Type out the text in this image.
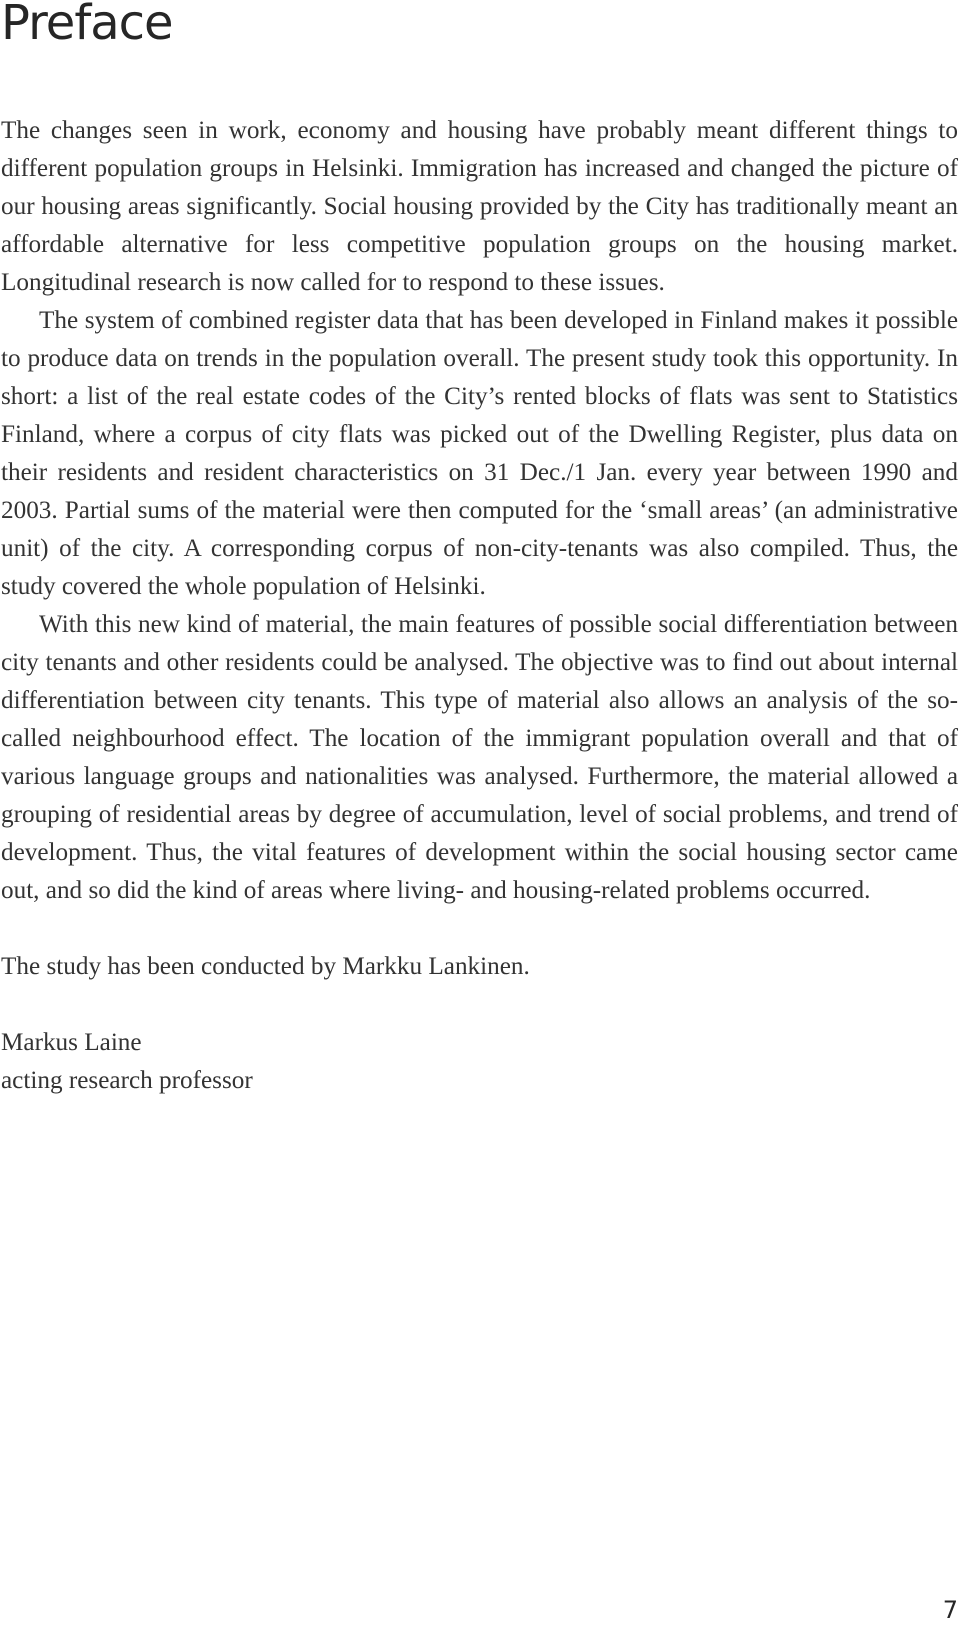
Preface

The changes seen in work, economy and housing have probably meant different things to different population groups in Helsinki. Immigration has increased and changed the picture of our housing areas significantly. Social housing provided by the City has traditionally meant an affordable alternative for less competitive population groups on the housing market. Longitudinal research is now called for to respond to these issues.

The system of combined register data that has been developed in Finland makes it possible to produce data on trends in the population overall. The present study took this opportunity. In short: a list of the real estate codes of the City’s rented blocks of flats was sent to Statistics Finland, where a corpus of city flats was picked out of the Dwelling Register, plus data on their residents and resident characteristics on 31 Dec./1 Jan. every year between 1990 and 2003. Partial sums of the material were then computed for the ‘small areas’ (an administrative unit) of the city. A corresponding corpus of non-city-tenants was also compiled. Thus, the study covered the whole population of Helsinki.

With this new kind of material, the main features of possible social differentiation between city tenants and other residents could be analysed. The objective was to find out about internal differentiation between city tenants. This type of material also allows an analysis of the so-called neighbourhood effect. The location of the immigrant population overall and that of various language groups and nationalities was analysed. Furthermore, the material allowed a grouping of residential areas by degree of accumulation, level of social problems, and trend of development. Thus, the vital features of development within the social housing sector came out, and so did the kind of areas where living- and housing-related problems occurred.

The study has been conducted by Markku Lankinen.

Markus Laine
acting research professor
7
